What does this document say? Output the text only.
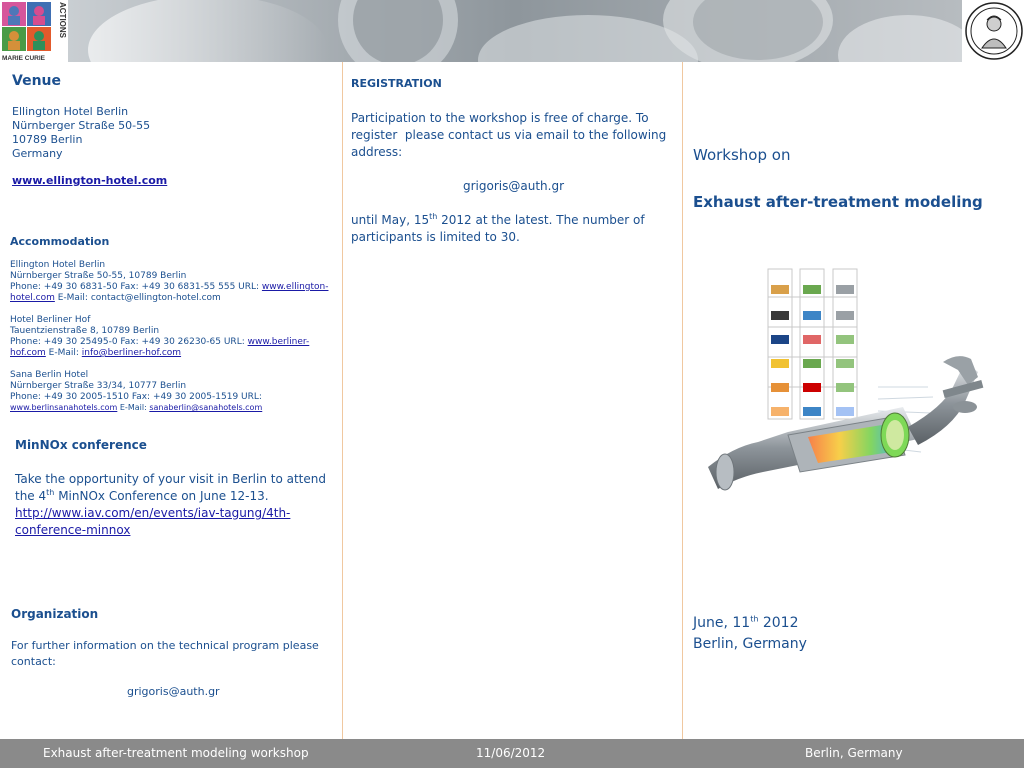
MARIE CURIE
ACTIONS

Venue

Ellington Hotel Berlin

Nürnberger Straße 50-55

10789 Berlin

Germany

www.ellington-hotel.com

Accommodation

Ellington Hotel Berlin

Nürnberger Straße 50-55, 10789 Berlin

Phone: +49 30 6831-50 Fax: +49 30 6831-55 555 URL: www.ellington-

hotel.com E-Mail: contact@ellington-hotel.com

Hotel Berliner Hof

Tauentzienstraße 8, 10789 Berlin

Phone: +49 30 25495-0 Fax: +49 30 26230-65 URL: www.berliner-

hof.com E-Mail: info@berliner-hof.com

Sana Berlin Hotel

Nürnberger Straße 33/34, 10777 Berlin

Phone: +49 30 2005-1510 Fax: +49 30 2005-1519 URL:

www.berlinsanahotels.com E-Mail: sanaberlin@sanahotels.com

MinNOx conference

Take the opportunity of your visit in Berlin to attend

the 4th MinNOx Conference on June 12-13.

http://www.iav.com/en/events/iav-tagung/4th-
conference-minnox

Organization

For further information on the technical program please

contact:

grigoris@auth.gr

REGISTRATION

Participation to the workshop is free of charge. To

register  please contact us via email to the following

address:

grigoris@auth.gr

until May, 15th 2012 at the latest. The number of

participants is limited to 30.

Workshop on

Exhaust after-treatment modeling

June, 11th 2012

Berlin, Germany

Exhaust after-treatment modeling workshop	11/06/2012	Berlin, Germany
